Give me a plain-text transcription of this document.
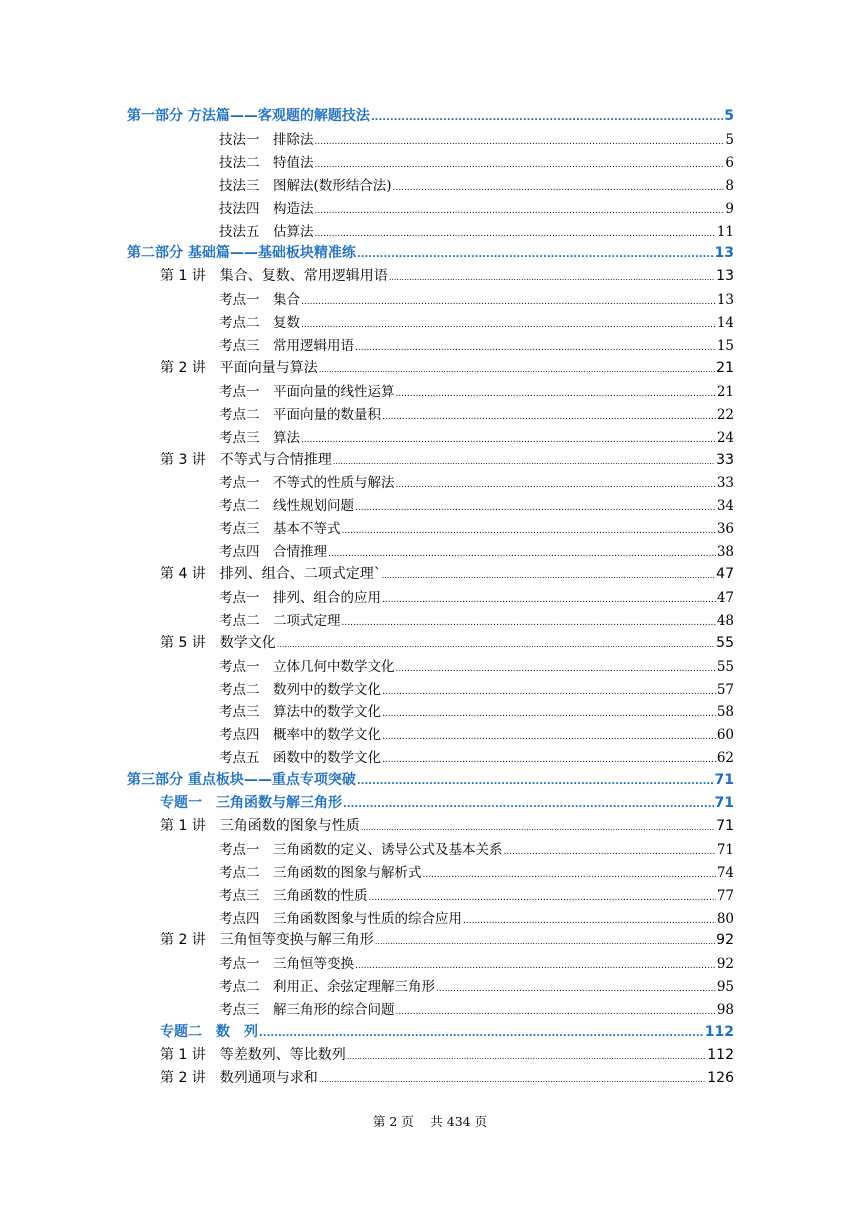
第一部分 方法篇——客观题的解题技法 .....	5
技法一　排除法 .....	5
技法二　特值法 .....	6
技法三　图解法(数形结合法) .....	8
技法四　构造法 .....	9
技法五　估算法 .....	11
第二部分 基础篇——基础板块精准练 .....	13
第 1 讲　集合、复数、常用逻辑用语 .....	13
考点一　集合 .....	13
考点二　复数 .....	14
考点三　常用逻辑用语 .....	15
第 2 讲　平面向量与算法 .....	21
考点一　平面向量的线性运算 .....	21
考点二　平面向量的数量积 .....	22
考点三　算法 .....	24
第 3 讲　不等式与合情推理 .....	33
考点一　不等式的性质与解法 .....	33
考点二　线性规划问题 .....	34
考点三　基本不等式 .....	36
考点四　合情推理 .....	38
第 4 讲　排列、组合、二项式定理` .....	47
考点一　排列、组合的应用 .....	47
考点二　二项式定理 .....	48
第 5 讲　数学文化 .....	55
考点一　立体几何中数学文化 .....	55
考点二　数列中的数学文化 .....	57
考点三　算法中的数学文化 .....	58
考点四　概率中的数学文化 .....	60
考点五　函数中的数学文化 .....	62
第三部分 重点板块——重点专项突破 .....	71
专题一　三角函数与解三角形 .....	71
第 1 讲　三角函数的图象与性质 .....	71
考点一　三角函数的定义、诱导公式及基本关系 .....	71
考点二　三角函数的图象与解析式 .....	74
考点三　三角函数的性质 .....	77
考点四　三角函数图象与性质的综合应用 .....	80
第 2 讲　三角恒等变换与解三角形 .....	92
考点一　三角恒等变换 .....	92
考点二　利用正、余弦定理解三角形 .....	95
考点三　解三角形的综合问题 .....	98
专题二　数　列 .....	112
第 1 讲　等差数列、等比数列 .....	112
第 2 讲　数列通项与求和 .....	126
第 2 页　 共 434 页
